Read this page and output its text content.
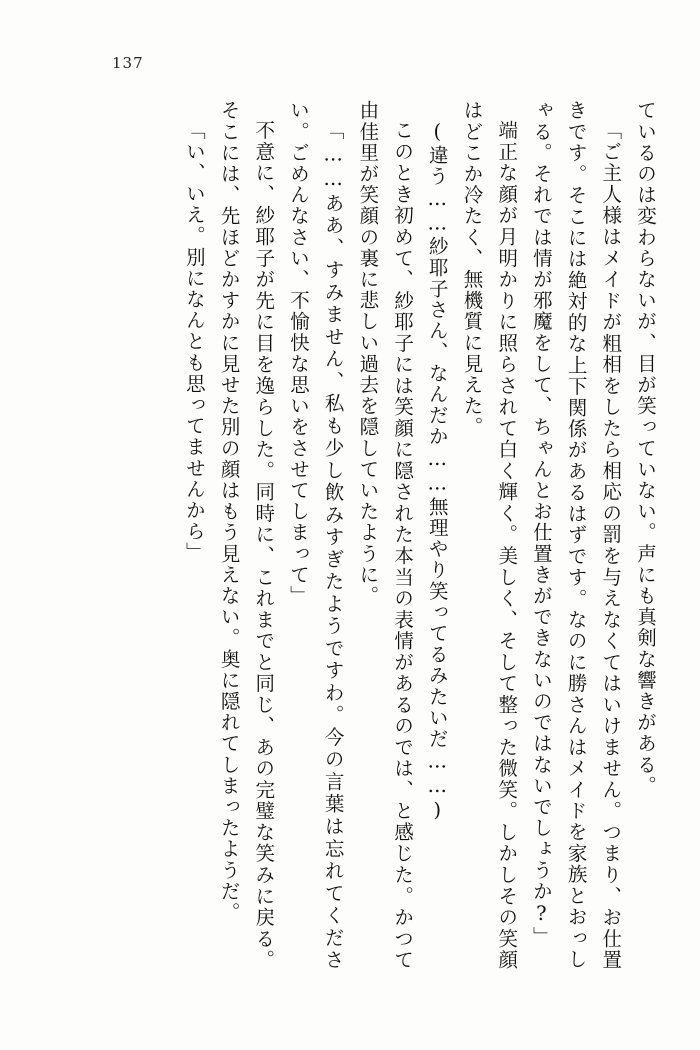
137

ているのは変わらないが、目が笑っていない。声にも真剣な響きがある。

「ご主人様はメイドが粗相をしたら相応の罰を与えなくてはいけません。つまり、お仕置きです。そこには絶対的な上下関係があるはずです。なのに勝さんはメイドを家族とおっしゃる。それでは情が邪魔をして、ちゃんとお仕置きができないのではないでしょうか?」

端正な顔が月明かりに照らされて白く輝く。美しく、そして整った微笑。しかしその笑顔はどこか冷たく、無機質に見えた。

(違う……紗耶子さん、なんだか……無理やり笑ってるみたいだ……)

このとき初めて、紗耶子には笑顔に隠された本当の表情があるのでは、と感じた。かつて由佳里が笑顔の裏に悲しい過去を隠していたように。

「……ああ、すみません、私も少し飲みすぎたようですわ。今の言葉は忘れてください。ごめんなさい、不愉快な思いをさせてしまって」

不意に、紗耶子が先に目を逸らした。同時に、これまでと同じ、あの完璧な笑みに戻る。そこには、先ほどかすかに見せた別の顔はもう見えない。奥に隠れてしまったようだ。

「い、いえ。別になんとも思ってませんから」
